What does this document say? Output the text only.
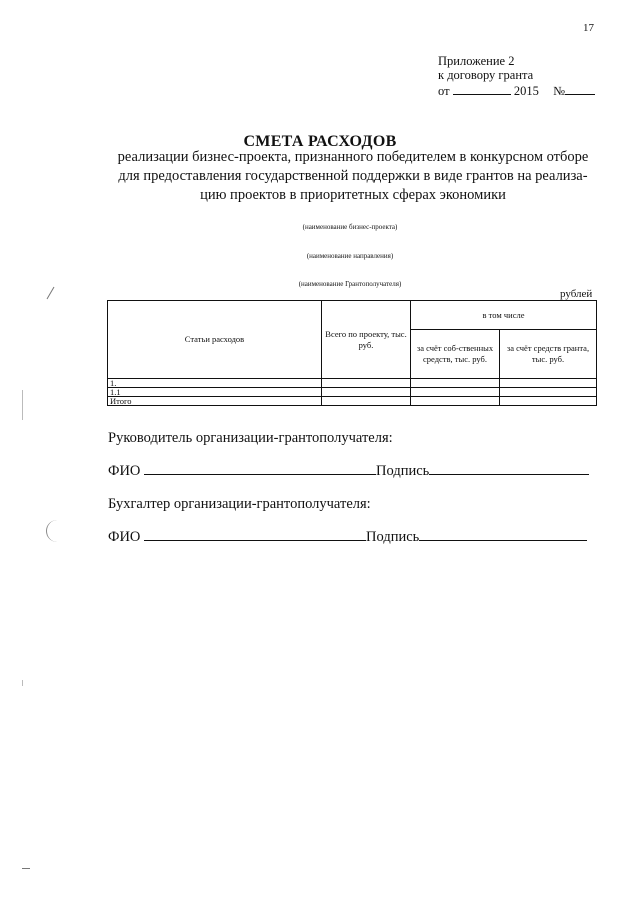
17
Приложение 2
к договору гранта
от	2015 №
СМЕТА РАСХОДОВ
реализации бизнес-проекта, признанного победителем в конкурсном отборе для предоставления государственной поддержки в виде грантов на реализа-цию проектов в приоритетных сферах экономики
(наименование бизнес-проекта)
(наименование направления)
(наименование Грантополучателя)
рублей
Статьи расходов	Всего по проекту, тыс. руб.	в том числе	
		за счёт соб-ственных средств, тыс. руб.	за счёт средств гранта, тыс. руб.
1.			
1.1			
Итого			
Руководитель организации-грантополучателя:
ФИО	Подпись
Бухгалтер организации-грантополучателя:
ФИО	Подпись
